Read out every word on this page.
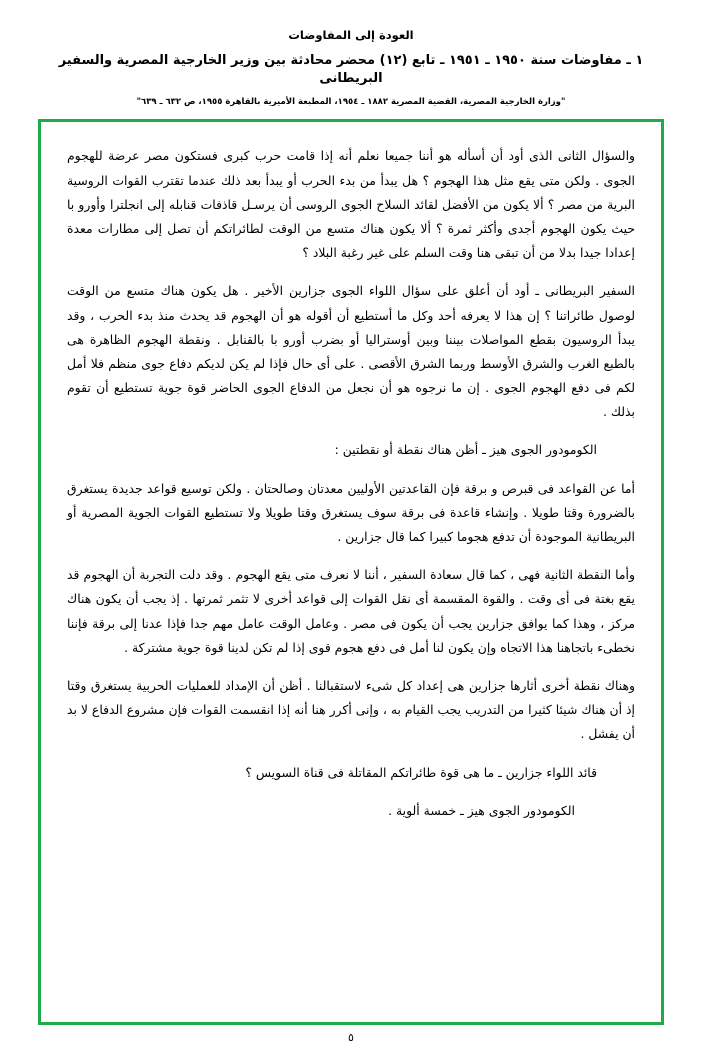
العودة إلى المفاوضات
١ ـ مفاوضات سنة ١٩٥٠ ـ ١٩٥١ ـ تابع (١٢) محضر محادثة بين وزير الخارجية المصرية والسفير البريطانى
"وزارة الخارجية المصرية، القضية المصرية ١٨٨٢ ـ ١٩٥٤، المطبعة الأميرية بالقاهرة ١٩٥٥، ص ٦٣٢ ـ ٦٣٩"

والسؤال الثانى الذى أود أن أسأله هو أننا جميعا نعلم أنه إذا قامت حرب كبرى فستكون مصر عرضة للهجوم الجوى . ولكن متى يقع مثل هذا الهجوم ؟ هل يبدأ من بدء الحرب أو يبدأ بعد ذلك عندما تقترب القوات الروسية البرية من مصر ؟ ألا يكون من الأفضل لقائد السلاح الجوى الروسى أن يرسـل قاذفات قنابله إلى انجلترا وأورو با حيث يكون الهجوم أجدى وأكثر ثمرة ؟ ألا يكون هناك متسع من الوقت لطائراتكم أن تصل إلى مطارات معدة إعدادا جيدا بدلا من أن تبقى هنا وقت السلم على غير رغبة البلاد ؟

السفير البريطانى ـ أود أن أعلق على سؤال اللواء الجوى جزارين الأخير . هل يكون هناك متسع من الوقت لوصول طائراتنا ؟ إن هذا لا يعرفه أحد وكل ما أستطيع أن أقوله هو أن الهجوم قد يحدث منذ بدء الحرب ، وقد يبدأ الروسيون بقطع المواصلات بيننا وبين أوستراليا أو بضرب أورو با بالقنابل . ونقطة الهجوم الظاهرة هى بالطبع الغرب والشرق الأوسط وربما الشرق الأقصى . على أى حال فإذا لم يكن لديكم دفاع جوى منظم فلا أمل لكم فى دفع الهجوم الجوى . إن ما نرجوه هو أن نجعل من الدفاع الجوى الحاضر قوة جوية تستطيع أن تقوم بذلك .

الكومودور الجوى هيز ـ أظن هناك نقطة أو نقطتين :

أما عن القواعد فى قبرص و برقة فإن القاعدتين الأوليين معدتان وصالحتان . ولكن توسيع قواعد جديدة يستغرق بالضرورة وقتا طويلا . وإنشاء قاعدة فى برقة سوف يستغرق وقتا طويلا ولا تستطيع القوات الجوية المصرية أو البريطانية الموجودة أن تدفع هجوما كبيرا كما قال جزارين .

وأما النقطة الثانية فهى ، كما قال سعادة السفير ، أننا لا نعرف متى يقع الهجوم . وقد دلت التجربة أن الهجوم قد يقع بغتة فى أى وقت . والقوة المقسمة أى نقل القوات إلى قواعد أخرى لا تثمر ثمرتها . إذ يجب أن يكون هناك مركز ، وهذا كما يوافق جزارين يجب أن يكون فى مصر . وعامل الوقت عامل مهم جدا فإذا عدنا إلى برقة فإننا نخطىء باتجاهنا هذا الاتجاه وإن يكون لنا أمل فى دفع هجوم قوى إذا لم تكن لدينا قوة جوية مشتركة .

وهناك نقطة أخرى أثارها جزارين هى إعداد كل شىء لاستقبالنا . أظن أن الإمداد للعمليات الحربية يستغرق وقتا إذ أن هناك شيئا كثيرا من التدريب يجب القيام به ، وإنى أكرر هنا أنه إذا انقسمت القوات فإن مشروع الدفاع لا بد أن يفشل .

قائد اللواء جزارين ـ ما هى قوة طائراتكم المقاتلة فى قناة السويس ؟

الكومودور الجوى هيز ـ خمسة ألوية .

٥
